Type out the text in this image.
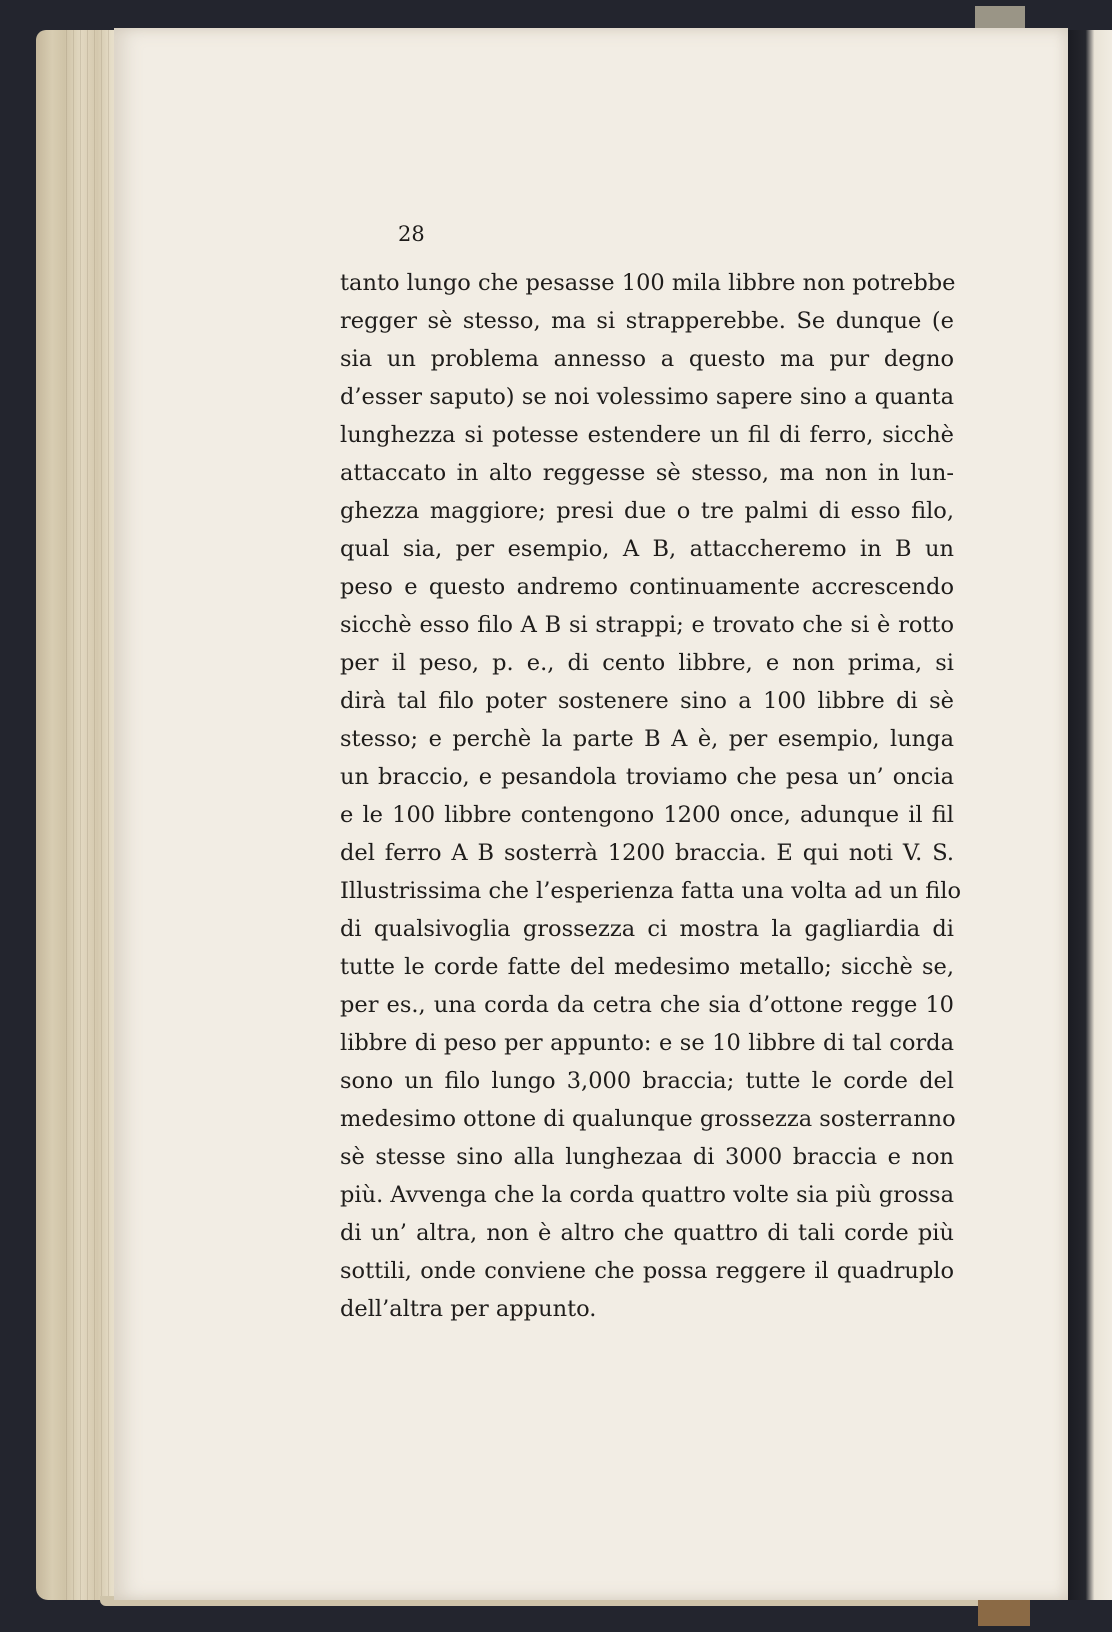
28
tanto lungo che pesasse 100 mila libbre non potrebbe
regger sè stesso, ma si strapperebbe. Se dunque (e
sia un problema annesso a questo ma pur degno
d’esser saputo) se noi volessimo sapere sino a quanta
lunghezza si potesse estendere un fil di ferro, sicchè
attaccato in alto reggesse sè stesso, ma non in lun-
ghezza maggiore; presi due o tre palmi di esso filo,
qual sia, per esempio, A B, attaccheremo in B un
peso e questo andremo continuamente accrescendo
sicchè esso filo A B si strappi; e trovato che si è rotto
per il peso, p. e., di cento libbre, e non prima, si
dirà tal filo poter sostenere sino a 100 libbre di sè
stesso; e perchè la parte B A è, per esempio, lunga
un braccio, e pesandola troviamo che pesa un’ oncia
e le 100 libbre contengono 1200 once, adunque il fil
del ferro A B sosterrà 1200 braccia. E qui noti V. S.
Illustrissima che l’esperienza fatta una volta ad un filo
di qualsivoglia grossezza ci mostra la gagliardia di
tutte le corde fatte del medesimo metallo; sicchè se,
per es., una corda da cetra che sia d’ottone regge 10
libbre di peso per appunto: e se 10 libbre di tal corda
sono un filo lungo 3,000 braccia; tutte le corde del
medesimo ottone di qualunque grossezza sosterranno
sè stesse sino alla lunghezaa di 3000 braccia e non
più. Avvenga che la corda quattro volte sia più grossa
di un’ altra, non è altro che quattro di tali corde più
sottili, onde conviene che possa reggere il quadruplo
dell’altra per appunto.
